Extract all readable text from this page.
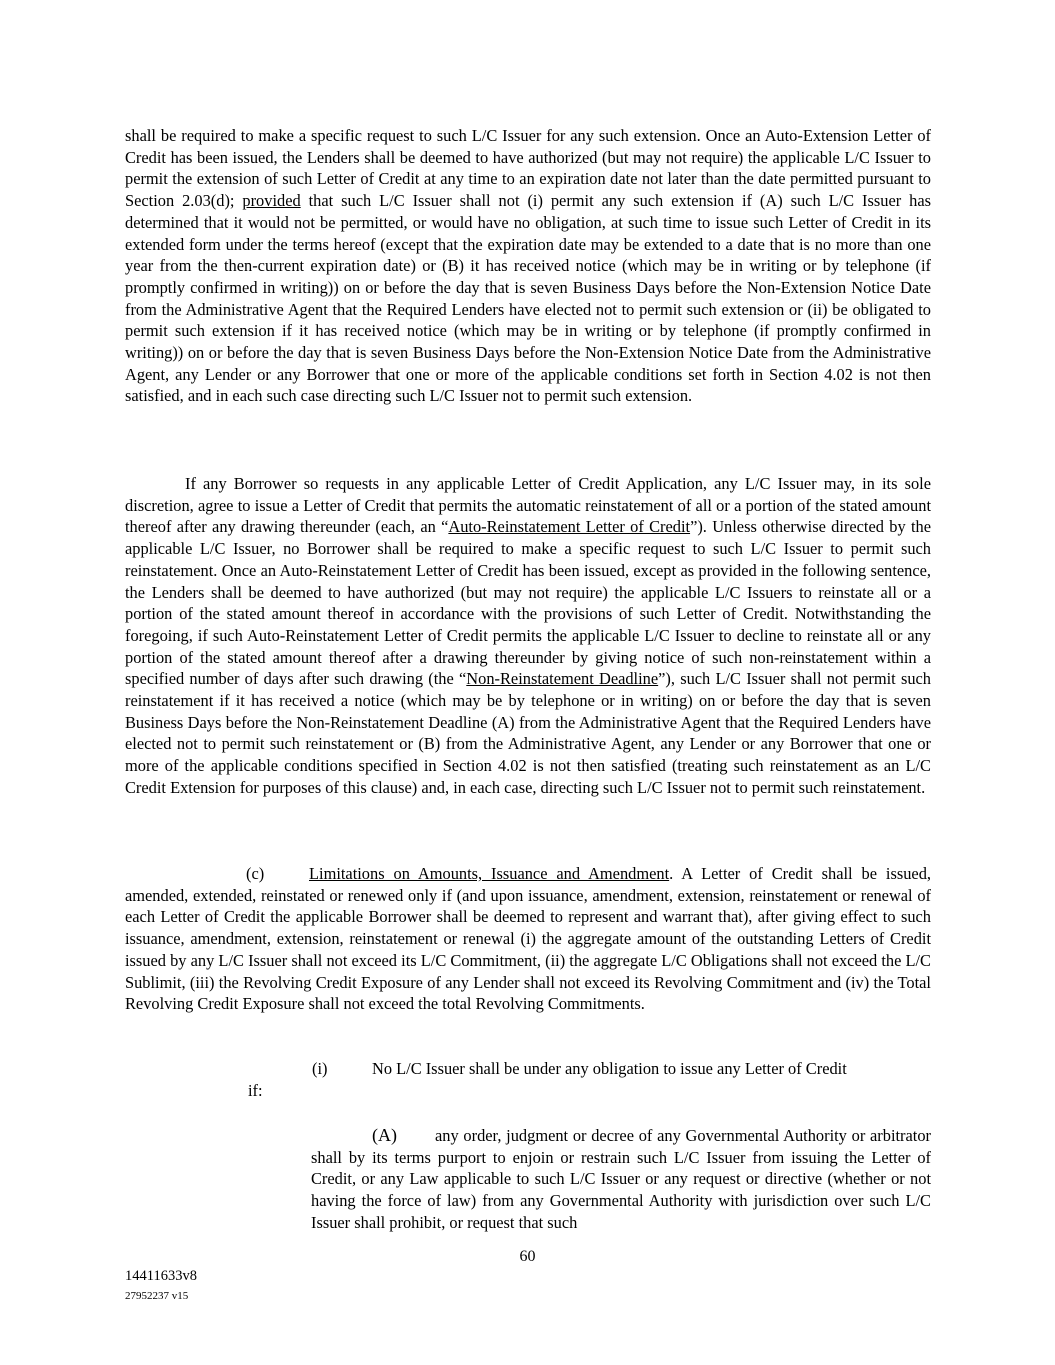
shall be required to make a specific request to such L/C Issuer for any such extension. Once an Auto-Extension Letter of Credit has been issued, the Lenders shall be deemed to have authorized (but may not require) the applicable L/C Issuer to permit the extension of such Letter of Credit at any time to an expiration date not later than the date permitted pursuant to Section 2.03(d); provided that such L/C Issuer shall not (i) permit any such extension if (A) such L/C Issuer has determined that it would not be permitted, or would have no obligation, at such time to issue such Letter of Credit in its extended form under the terms hereof (except that the expiration date may be extended to a date that is no more than one year from the then-current expiration date) or (B) it has received notice (which may be in writing or by telephone (if promptly confirmed in writing)) on or before the day that is seven Business Days before the Non-Extension Notice Date from the Administrative Agent that the Required Lenders have elected not to permit such extension or (ii) be obligated to permit such extension if it has received notice (which may be in writing or by telephone (if promptly confirmed in writing)) on or before the day that is seven Business Days before the Non-Extension Notice Date from the Administrative Agent, any Lender or any Borrower that one or more of the applicable conditions set forth in Section 4.02 is not then satisfied, and in each such case directing such L/C Issuer not to permit such extension.
If any Borrower so requests in any applicable Letter of Credit Application, any L/C Issuer may, in its sole discretion, agree to issue a Letter of Credit that permits the automatic reinstatement of all or a portion of the stated amount thereof after any drawing thereunder (each, an “Auto-Reinstatement Letter of Credit”). Unless otherwise directed by the applicable L/C Issuer, no Borrower shall be required to make a specific request to such L/C Issuer to permit such reinstatement. Once an Auto-Reinstatement Letter of Credit has been issued, except as provided in the following sentence, the Lenders shall be deemed to have authorized (but may not require) the applicable L/C Issuers to reinstate all or a portion of the stated amount thereof in accordance with the provisions of such Letter of Credit. Notwithstanding the foregoing, if such Auto-Reinstatement Letter of Credit permits the applicable L/C Issuer to decline to reinstate all or any portion of the stated amount thereof after a drawing thereunder by giving notice of such non-reinstatement within a specified number of days after such drawing (the “Non-Reinstatement Deadline”), such L/C Issuer shall not permit such reinstatement if it has received a notice (which may be by telephone or in writing) on or before the day that is seven Business Days before the Non-Reinstatement Deadline (A) from the Administrative Agent that the Required Lenders have elected not to permit such reinstatement or (B) from the Administrative Agent, any Lender or any Borrower that one or more of the applicable conditions specified in Section 4.02 is not then satisfied (treating such reinstatement as an L/C Credit Extension for purposes of this clause) and, in each case, directing such L/C Issuer not to permit such reinstatement.
(c)	Limitations on Amounts, Issuance and Amendment. A Letter of Credit shall be issued, amended, extended, reinstated or renewed only if (and upon issuance, amendment, extension, reinstatement or renewal of each Letter of Credit the applicable Borrower shall be deemed to represent and warrant that), after giving effect to such issuance, amendment, extension, reinstatement or renewal (i) the aggregate amount of the outstanding Letters of Credit issued by any L/C Issuer shall not exceed its L/C Commitment, (ii) the aggregate L/C Obligations shall not exceed the L/C Sublimit, (iii) the Revolving Credit Exposure of any Lender shall not exceed its Revolving Commitment and (iv) the Total Revolving Credit Exposure shall not exceed the total Revolving Commitments.
(i)	No L/C Issuer shall be under any obligation to issue any Letter of Credit
if:
(A) any order, judgment or decree of any Governmental Authority or arbitrator shall by its terms purport to enjoin or restrain such L/C Issuer from issuing the Letter of Credit, or any Law applicable to such L/C Issuer or any request or directive (whether or not having the force of law) from any Governmental Authority with jurisdiction over such L/C Issuer shall prohibit, or request that such
60
14411633v8
27952237 v15
